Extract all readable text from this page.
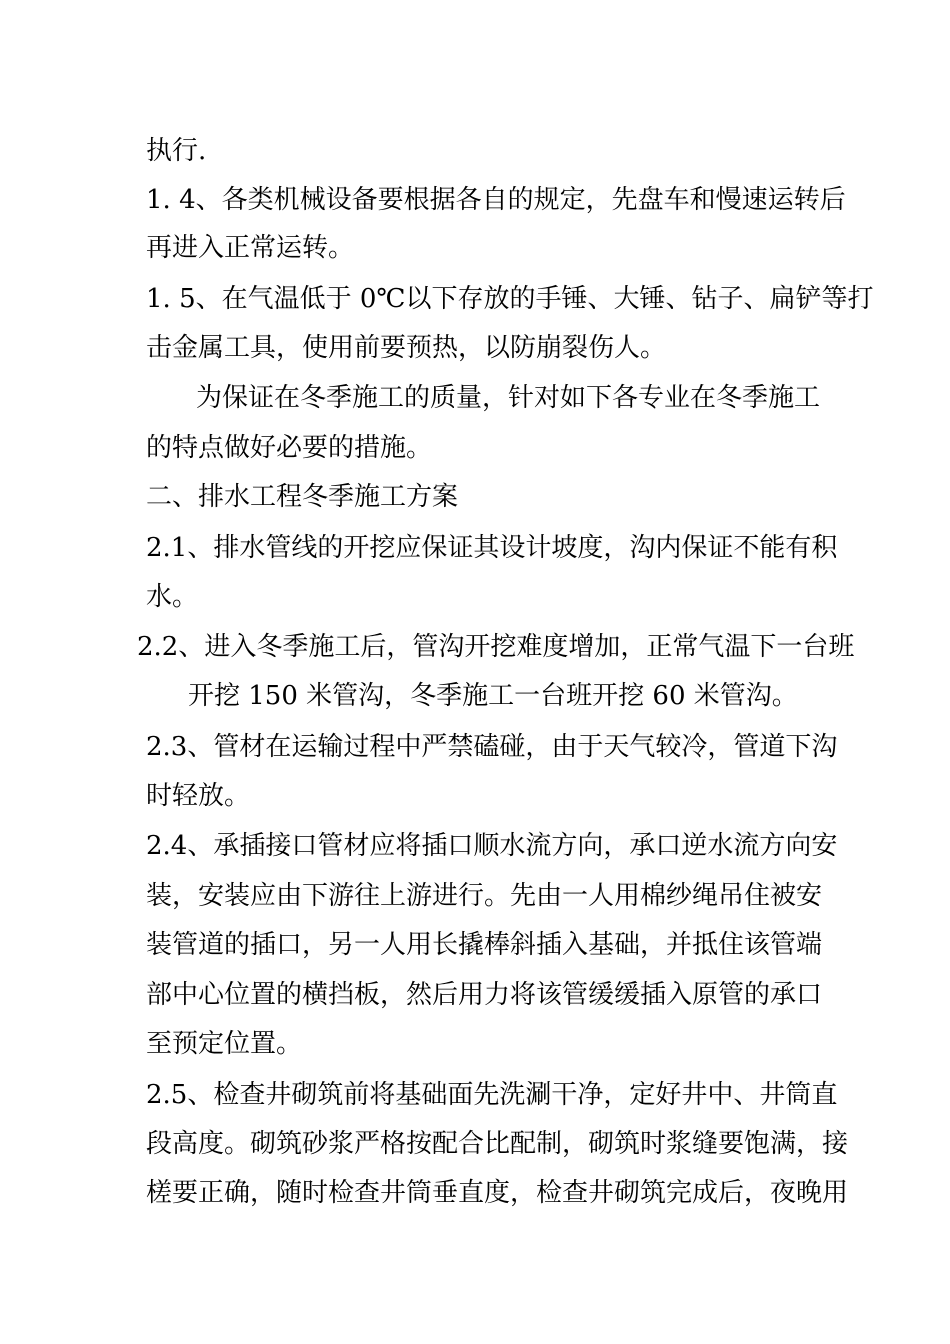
执行.
1. 4、各类机械设备要根据各自的规定，先盘车和慢速运转后
再进入正常运转。
1. 5、在气温低于 0℃以下存放的手锤、大锤、钻子、扁铲等打
击金属工具，使用前要预热，以防崩裂伤人。
为保证在冬季施工的质量，针对如下各专业在冬季施工
的特点做好必要的措施。
二、排水工程冬季施工方案
2.1、排水管线的开挖应保证其设计坡度，沟内保证不能有积
水。
2.2、进入冬季施工后，管沟开挖难度增加，正常气温下一台班
开挖 150 米管沟，冬季施工一台班开挖 60 米管沟。
2.3、管材在运输过程中严禁磕碰，由于天气较冷，管道下沟
时轻放。
2.4、承插接口管材应将插口顺水流方向，承口逆水流方向安
装，安装应由下游往上游进行。先由一人用棉纱绳吊住被安
装管道的插口，另一人用长撬棒斜插入基础，并抵住该管端
部中心位置的横挡板，然后用力将该管缓缓插入原管的承口
至预定位置。
2.5、检查井砌筑前将基础面先洗涮干净，定好井中、井筒直
段高度。砌筑砂浆严格按配合比配制，砌筑时浆缝要饱满，接
槎要正确，随时检查井筒垂直度，检查井砌筑完成后，夜晚用
